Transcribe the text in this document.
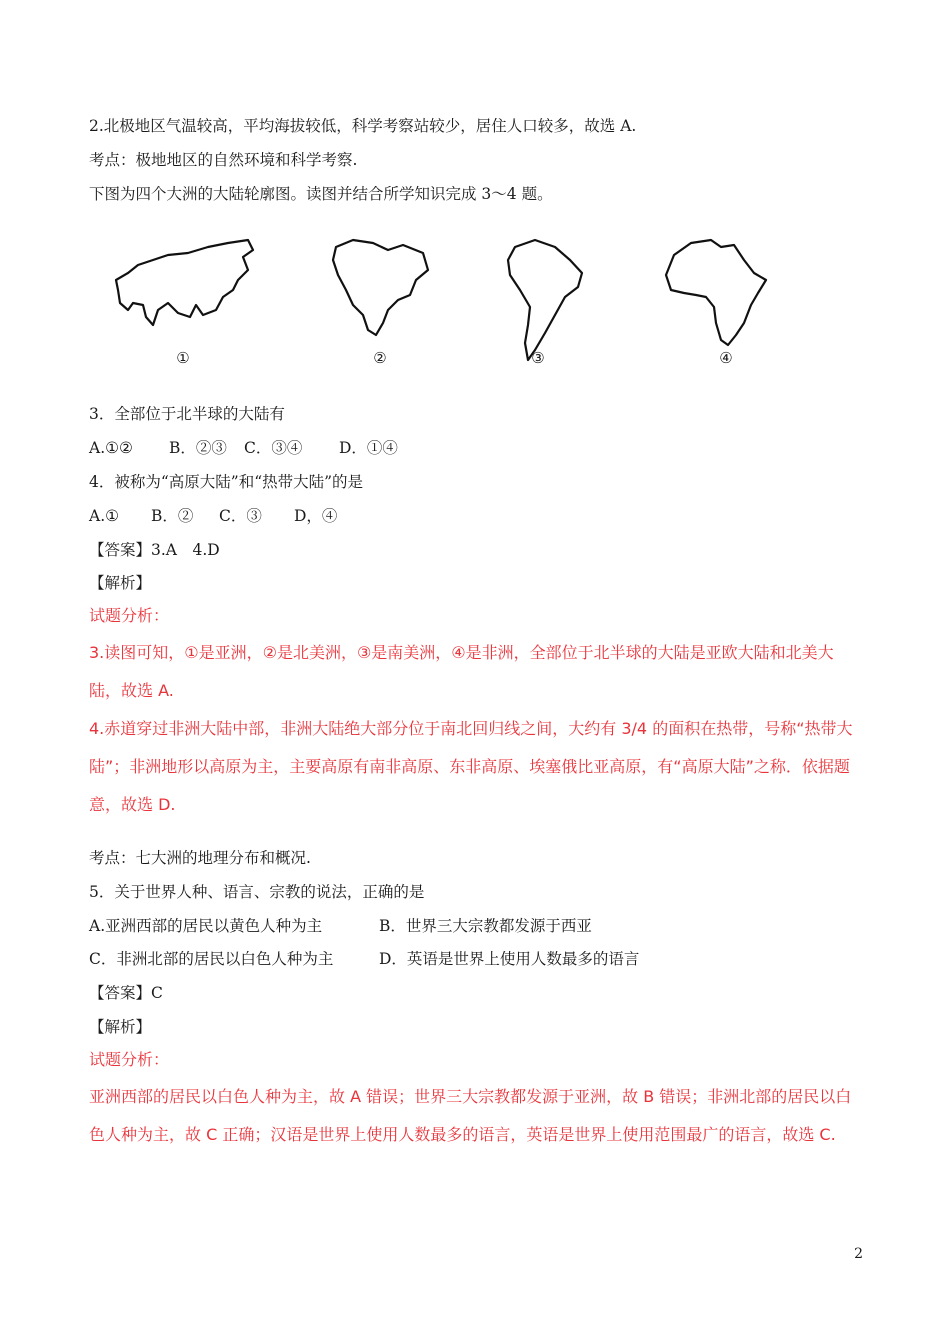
2.北极地区气温较高，平均海拔较低，科学考察站较少，居住人口较多，故选 A.
考点：极地地区的自然环境和科学考察.
下图为四个大洲的大陆轮廓图。读图并结合所学知识完成 3～4 题。
①	②	③	④
3．全部位于北半球的大陆有
A.①② B．②③ C．③④ D．①④
4．被称为“高原大陆”和“热带大陆”的是
A.① B．② C．③ D，④
【答案】3.A　4.D
【解析】
试题分析：
3.读图可知，①是亚洲，②是北美洲，③是南美洲，④是非洲，全部位于北半球的大陆是亚欧大陆和北美大陆，故选 A.
4.赤道穿过非洲大陆中部，非洲大陆绝大部分位于南北回归线之间，大约有 3/4 的面积在热带，号称“热带大陆”；非洲地形以高原为主，主要高原有南非高原、东非高原、埃塞俄比亚高原，有“高原大陆”之称．依据题意，故选 D.
考点：七大洲的地理分布和概况.
5．关于世界人种、语言、宗教的说法，正确的是
A.亚洲西部的居民以黄色人种为主	B．世界三大宗教都发源于西亚
C．非洲北部的居民以白色人种为主	D．英语是世界上使用人数最多的语言
【答案】C
【解析】
试题分析：
亚洲西部的居民以白色人种为主，故 A 错误；世界三大宗教都发源于亚洲，故 B 错误；非洲北部的居民以白色人种为主，故 C 正确；汉语是世界上使用人数最多的语言，英语是世界上使用范围最广的语言，故选 C.
2
